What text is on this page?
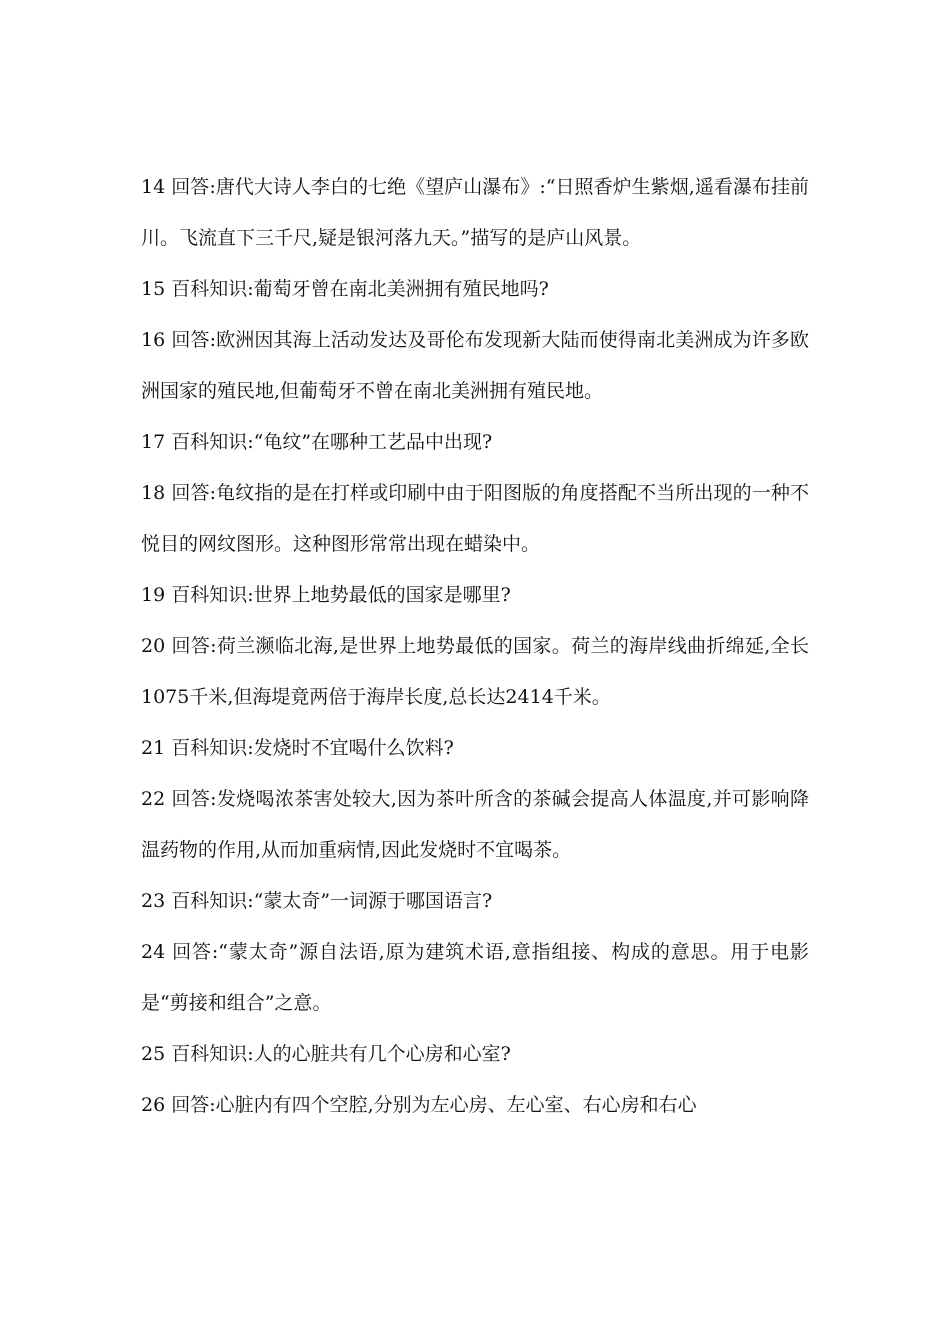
14 回答:唐代大诗人李白的七绝《望庐山瀑布》:“日照香炉生紫烟,遥看瀑布挂前川。飞流直下三千尺,疑是银河落九天。”描写的是庐山风景。

15 百科知识:葡萄牙曾在南北美洲拥有殖民地吗?

16 回答:欧洲因其海上活动发达及哥伦布发现新大陆而使得南北美洲成为许多欧洲国家的殖民地,但葡萄牙不曾在南北美洲拥有殖民地。

17 百科知识:“龟纹”在哪种工艺品中出现?

18 回答:龟纹指的是在打样或印刷中由于阳图版的角度搭配不当所出现的一种不悦目的网纹图形。这种图形常常出现在蜡染中。

19 百科知识:世界上地势最低的国家是哪里?

20 回答:荷兰濒临北海,是世界上地势最低的国家。荷兰的海岸线曲折绵延,全长1075千米,但海堤竟两倍于海岸长度,总长达2414千米。

21 百科知识:发烧时不宜喝什么饮料?

22 回答:发烧喝浓茶害处较大,因为茶叶所含的茶碱会提高人体温度,并可影响降温药物的作用,从而加重病情,因此发烧时不宜喝茶。

23 百科知识:“蒙太奇”一词源于哪国语言?

24 回答:“蒙太奇”源自法语,原为建筑术语,意指组接、构成的意思。用于电影是“剪接和组合”之意。

25 百科知识:人的心脏共有几个心房和心室?

26 回答:心脏内有四个空腔,分别为左心房、左心室、右心房和右心
